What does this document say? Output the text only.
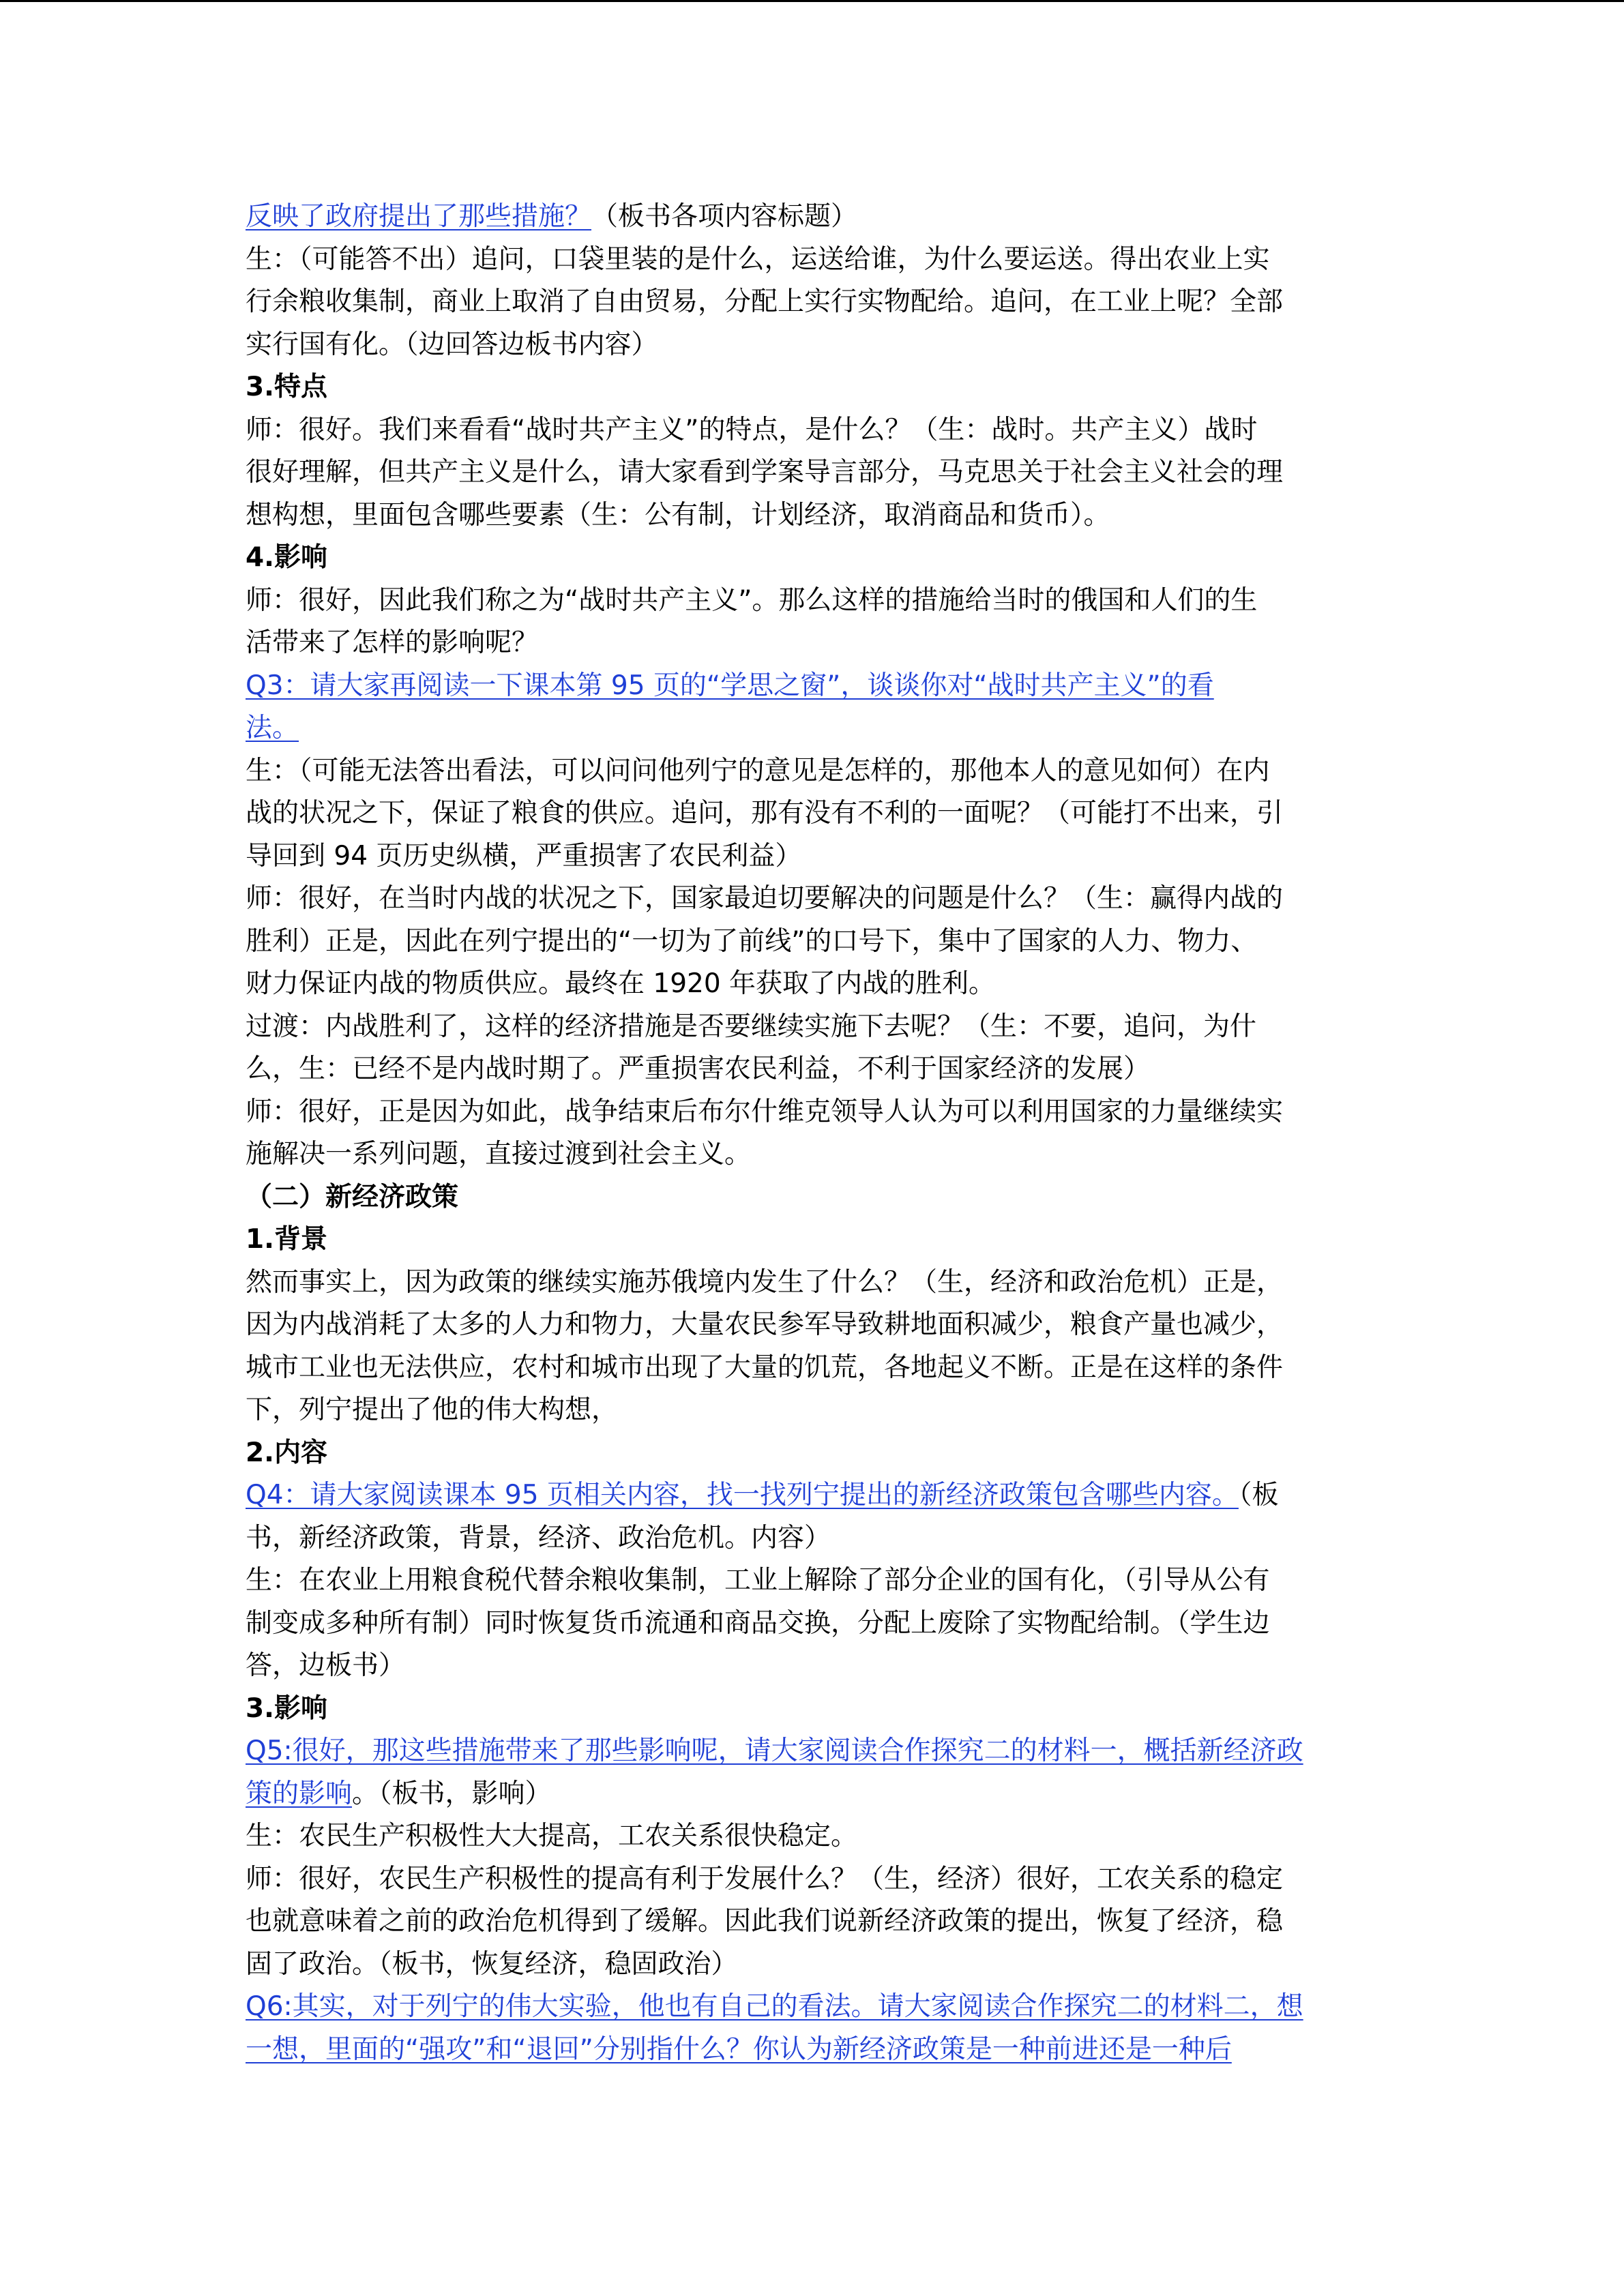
反映了政府提出了那些措施？（板书各项内容标题）
生：（可能答不出）追问，口袋里装的是什么，运送给谁，为什么要运送。得出农业上实
行余粮收集制，商业上取消了自由贸易，分配上实行实物配给。追问，在工业上呢？全部
实行国有化。（边回答边板书内容）
3.特点
师：很好。我们来看看“战时共产主义”的特点，是什么？（生：战时。共产主义）战时
很好理解，但共产主义是什么，请大家看到学案导言部分，马克思关于社会主义社会的理
想构想，里面包含哪些要素（生：公有制，计划经济，取消商品和货币）。
4.影响
师：很好，因此我们称之为“战时共产主义”。那么这样的措施给当时的俄国和人们的生
活带来了怎样的影响呢？
Q3：请大家再阅读一下课本第 95 页的“学思之窗”，谈谈你对“战时共产主义”的看
法。
生：（可能无法答出看法，可以问问他列宁的意见是怎样的，那他本人的意见如何）在内
战的状况之下，保证了粮食的供应。追问，那有没有不利的一面呢？（可能打不出来，引
导回到 94 页历史纵横，严重损害了农民利益）
师：很好，在当时内战的状况之下，国家最迫切要解决的问题是什么？（生：赢得内战的
胜利）正是，因此在列宁提出的“一切为了前线”的口号下，集中了国家的人力、物力、
财力保证内战的物质供应。最终在 1920 年获取了内战的胜利。
过渡：内战胜利了，这样的经济措施是否要继续实施下去呢？（生：不要，追问，为什
么，生：已经不是内战时期了。严重损害农民利益，不利于国家经济的发展）
师：很好，正是因为如此，战争结束后布尔什维克领导人认为可以利用国家的力量继续实
施解决一系列问题，直接过渡到社会主义。
（二）新经济政策
1.背景
然而事实上，因为政策的继续实施苏俄境内发生了什么？（生，经济和政治危机）正是，
因为内战消耗了太多的人力和物力，大量农民参军导致耕地面积减少，粮食产量也减少，
城市工业也无法供应，农村和城市出现了大量的饥荒，各地起义不断。正是在这样的条件
下，列宁提出了他的伟大构想，
2.内容
Q4：请大家阅读课本 95 页相关内容，找一找列宁提出的新经济政策包含哪些内容。（板
书，新经济政策，背景，经济、政治危机。内容）
生：在农业上用粮食税代替余粮收集制，工业上解除了部分企业的国有化，（引导从公有
制变成多种所有制）同时恢复货币流通和商品交换，分配上废除了实物配给制。（学生边
答，边板书）
3.影响
Q5:很好，那这些措施带来了那些影响呢，请大家阅读合作探究二的材料一，概括新经济政
策的影响。（板书，影响）
生：农民生产积极性大大提高，工农关系很快稳定。
师：很好，农民生产积极性的提高有利于发展什么？（生，经济）很好，工农关系的稳定
也就意味着之前的政治危机得到了缓解。因此我们说新经济政策的提出，恢复了经济，稳
固了政治。（板书，恢复经济，稳固政治）
Q6:其实，对于列宁的伟大实验，他也有自己的看法。请大家阅读合作探究二的材料二，想
一想，里面的“强攻”和“退回”分别指什么？你认为新经济政策是一种前进还是一种后
